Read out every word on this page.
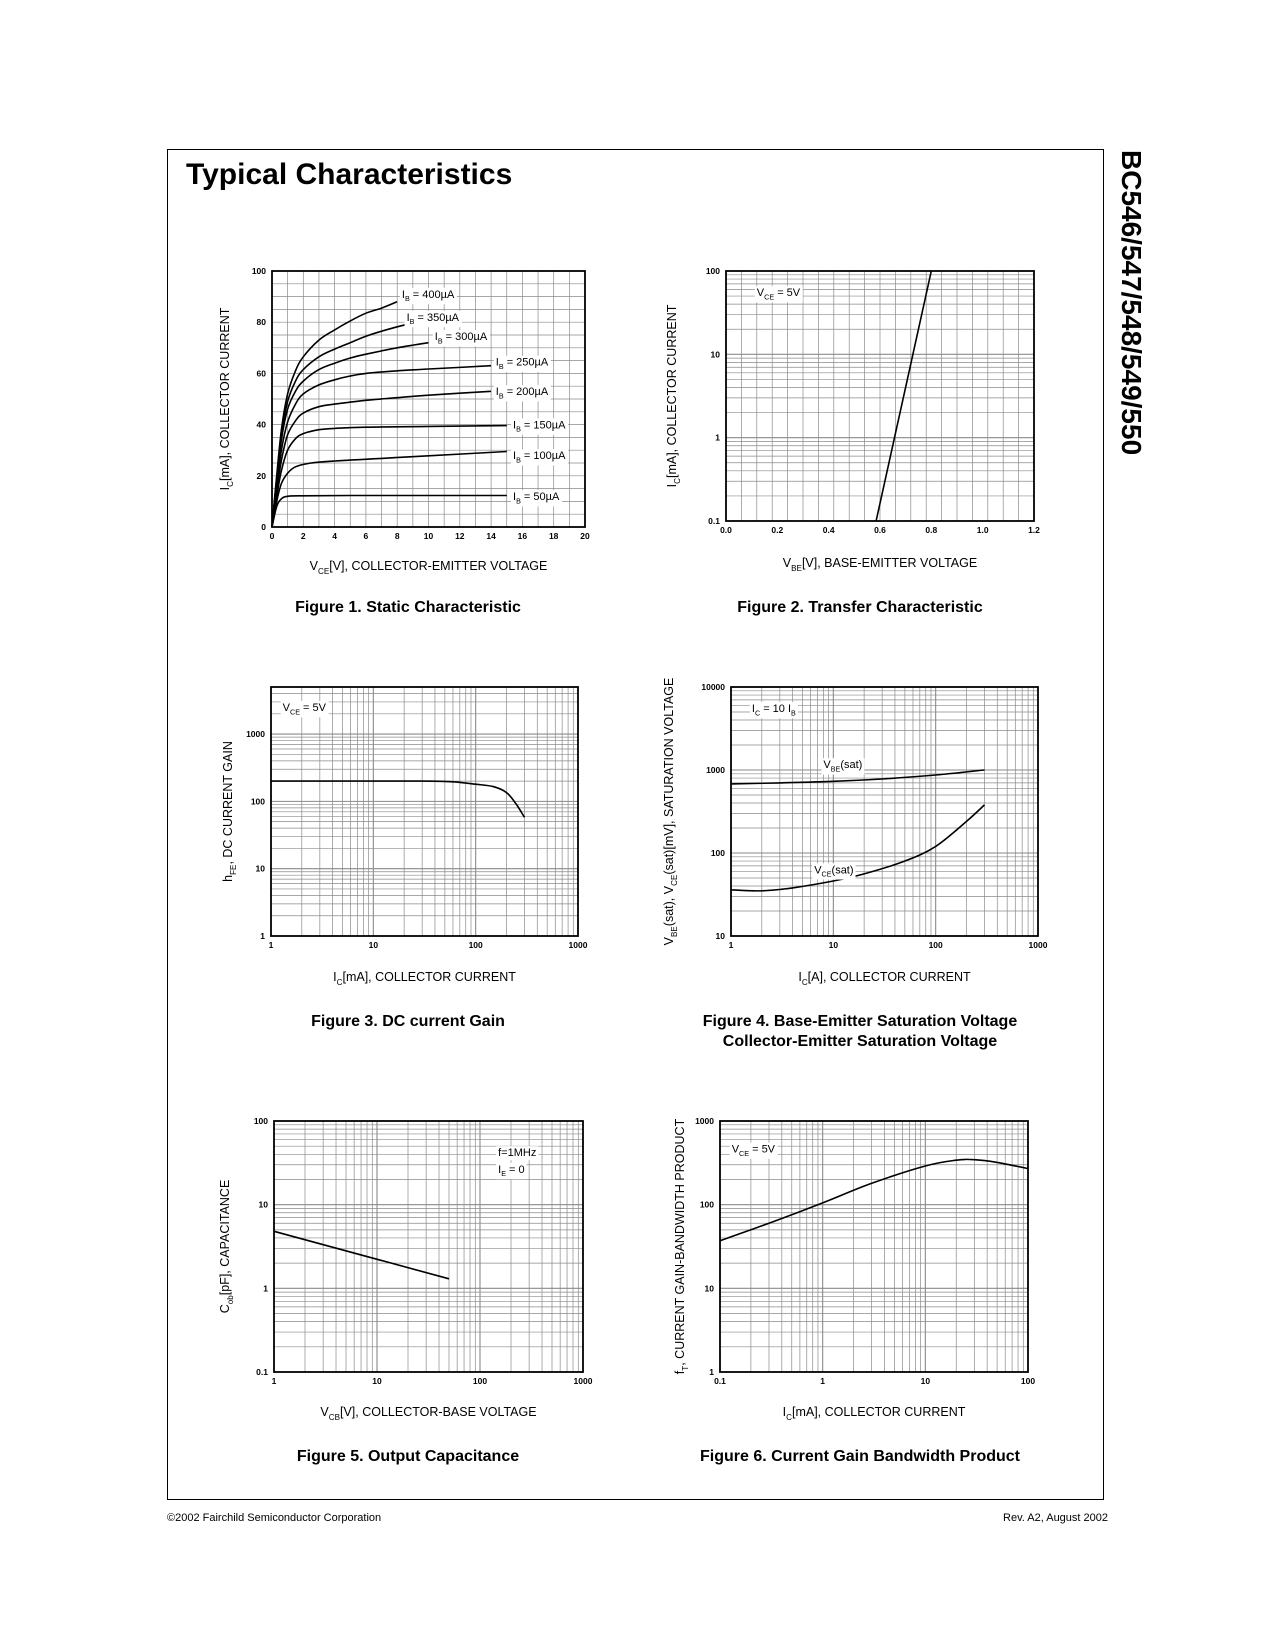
Typical Characteristics	BC546/547/548/549/550
0	2	4	6	8	10	12	14	16	18	20
0
20
40
60
80
100
$V_{CE}[V]$, COLLECTOR-EMITTER VOLTAGE
$I_C[mA]$, COLLECTOR CURRENT
$I_B = 400\mu A$
$I_B = 350\mu A$
$I_B = 300\mu A$
$I_B = 250\mu A$
$I_B = 200\mu A$
$I_B = 150\mu A$
$I_B = 100\mu A$
$I_B = 50\mu A$
0.0	0.2	0.4	0.6	0.8	1.0	1.2
0.1
1
10
100
$V_{BE}[V]$, BASE-EMITTER VOLTAGE
$I_C[mA]$, COLLECTOR CURRENT
$V_{CE} = 5V$
1	10	100	1000
1
10
100
1000
$I_C[mA]$, COLLECTOR CURRENT
$h_{FE}$, DC CURRENT GAIN
$V_{CE} = 5V$
1	10	100	1000
10
100
1000
10000
$I_C[A]$, COLLECTOR CURRENT
$V_{BE}(sat)$, $V_{CE}(sat)[mV]$, SATURATION VOLTAGE	$I_C = 10$ $I_B$
$V_{BE}(sat)$
$V_{CE}(sat)$
1	10	100	1000
0.1
1
10
100
$V_{CB}[V]$, COLLECTOR-BASE VOLTAGE
$C_{ob}[pF]$, CAPACITANCE
f=1MHz
$I_E = 0$
0.1	1	10	100
1
10
100
1000
$I_C[mA]$, COLLECTOR CURRENT
$f_T$, CURRENT GAIN-BANDWIDTH PRODUCT	$V_{CE} = 5V$
Figure 1. Static Characteristic	Figure 2. Transfer Characteristic
Figure 3. DC current Gain	Figure 4. Base-Emitter Saturation Voltage
Collector-Emitter Saturation Voltage
Figure 5. Output Capacitance	Figure 6. Current Gain Bandwidth Product
©2002 Fairchild Semiconductor Corporation	Rev. A2, August 2002
